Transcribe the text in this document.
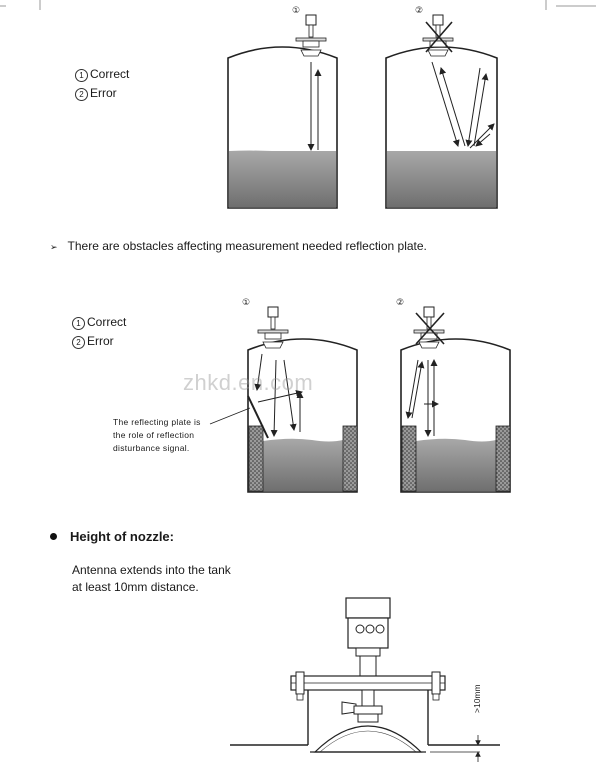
①	②
①	②
1 Correct
2 Error
➢ There are obstacles affecting measurement needed reflection plate.
1 Correct
2 Error
The reflecting plate is
the role of reflection
disturbance signal.
zhkd.en.com
Height of nozzle:
Antenna extends into the tank
at least 10mm distance.
>10mm
